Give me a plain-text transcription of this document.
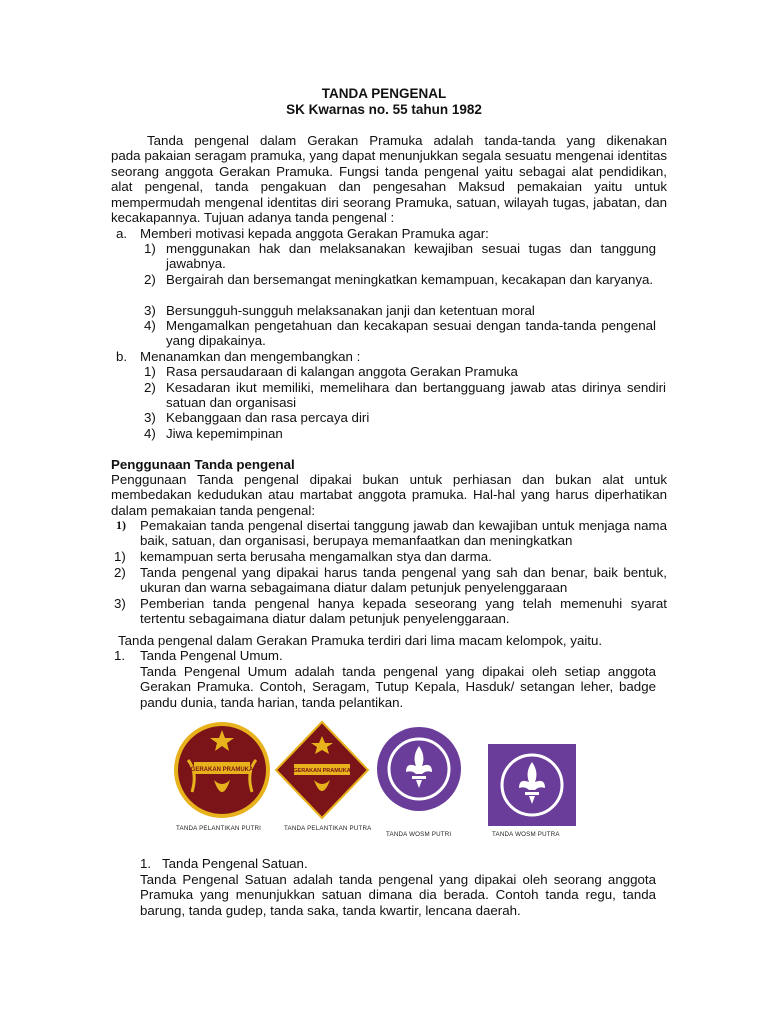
TANDA PENGENAL
SK Kwarnas no. 55 tahun 1982

Tanda pengenal dalam Gerakan Pramuka adalah tanda-tanda yang dikenakan

pada pakaian seragam pramuka, yang dapat menunjukkan segala sesuatu mengenai identitas seorang anggota Gerakan Pramuka. Fungsi tanda pengenal yaitu sebagai alat pendidikan, alat pengenal, tanda pengakuan dan pengesahan Maksud pemakaian yaitu untuk mempermudah mengenal identitas diri seorang Pramuka, satuan, wilayah tugas, jabatan, dan kecakapannya. Tujuan adanya tanda pengenal :

a. Memberi motivasi kepada anggota Gerakan Pramuka agar:
1) menggunakan hak dan melaksanakan kewajiban sesuai tugas dan tanggung jawabnya.
2) Bergairah dan bersemangat meningkatkan kemampuan, kecakapan dan karyanya.
3) Bersungguh-sungguh melaksanakan janji dan ketentuan moral
4) Mengamalkan pengetahuan dan kecakapan sesuai dengan tanda-tanda pengenal yang dipakainya.
b. Menanamkan dan mengembangkan :
1) Rasa persaudaraan di kalangan anggota Gerakan Pramuka
2) Kesadaran ikut memiliki, memelihara dan bertangguang jawab atas dirinya sendiri satuan dan organisasi
3) Kebanggaan dan rasa percaya diri
4) Jiwa kepemimpinan
Penggunaan Tanda pengenal
Penggunaan Tanda pengenal dipakai bukan untuk perhiasan dan bukan alat untuk membedakan kedudukan atau martabat anggota pramuka. Hal-hal yang harus diperhatikan dalam pemakaian tanda pengenal:
1) Pemakaian tanda pengenal disertai tanggung jawab dan kewajiban untuk menjaga nama baik, satuan, dan organisasi, berupaya memanfaatkan dan meningkatkan
1) kemampuan serta berusaha mengamalkan stya dan darma.
2) Tanda pengenal yang dipakai harus tanda pengenal yang sah dan benar, baik bentuk, ukuran dan warna sebagaimana diatur dalam petunjuk penyelenggaraan
3) Pemberian tanda pengenal hanya kepada seseorang yang telah memenuhi syarat tertentu sebagaimana diatur dalam petunjuk penyelenggaraan.
Tanda pengenal dalam Gerakan Pramuka terdiri dari lima macam kelompok, yaitu.
1. Tanda Pengenal Umum.
Tanda Pengenal Umum adalah tanda pengenal yang dipakai oleh setiap anggota Gerakan Pramuka. Contoh, Seragam, Tutup Kepala, Hasduk/ setangan leher, badge pandu dunia, tanda harian, tanda pelantikan.
GERAKAN PRAMUKA	GERAKAN PRAMUKA
TANDA PELANTIKAN PUTRI	TANDA PELANTIKAN PUTRA
TANDA WOSM PUTRI	TANDA WOSM PUTRA
1. Tanda Pengenal Satuan.
Tanda Pengenal Satuan adalah tanda pengenal yang dipakai oleh seorang anggota Pramuka yang menunjukkan satuan dimana dia berada. Contoh tanda regu, tanda barung, tanda gudep, tanda saka, tanda kwartir, lencana daerah.
